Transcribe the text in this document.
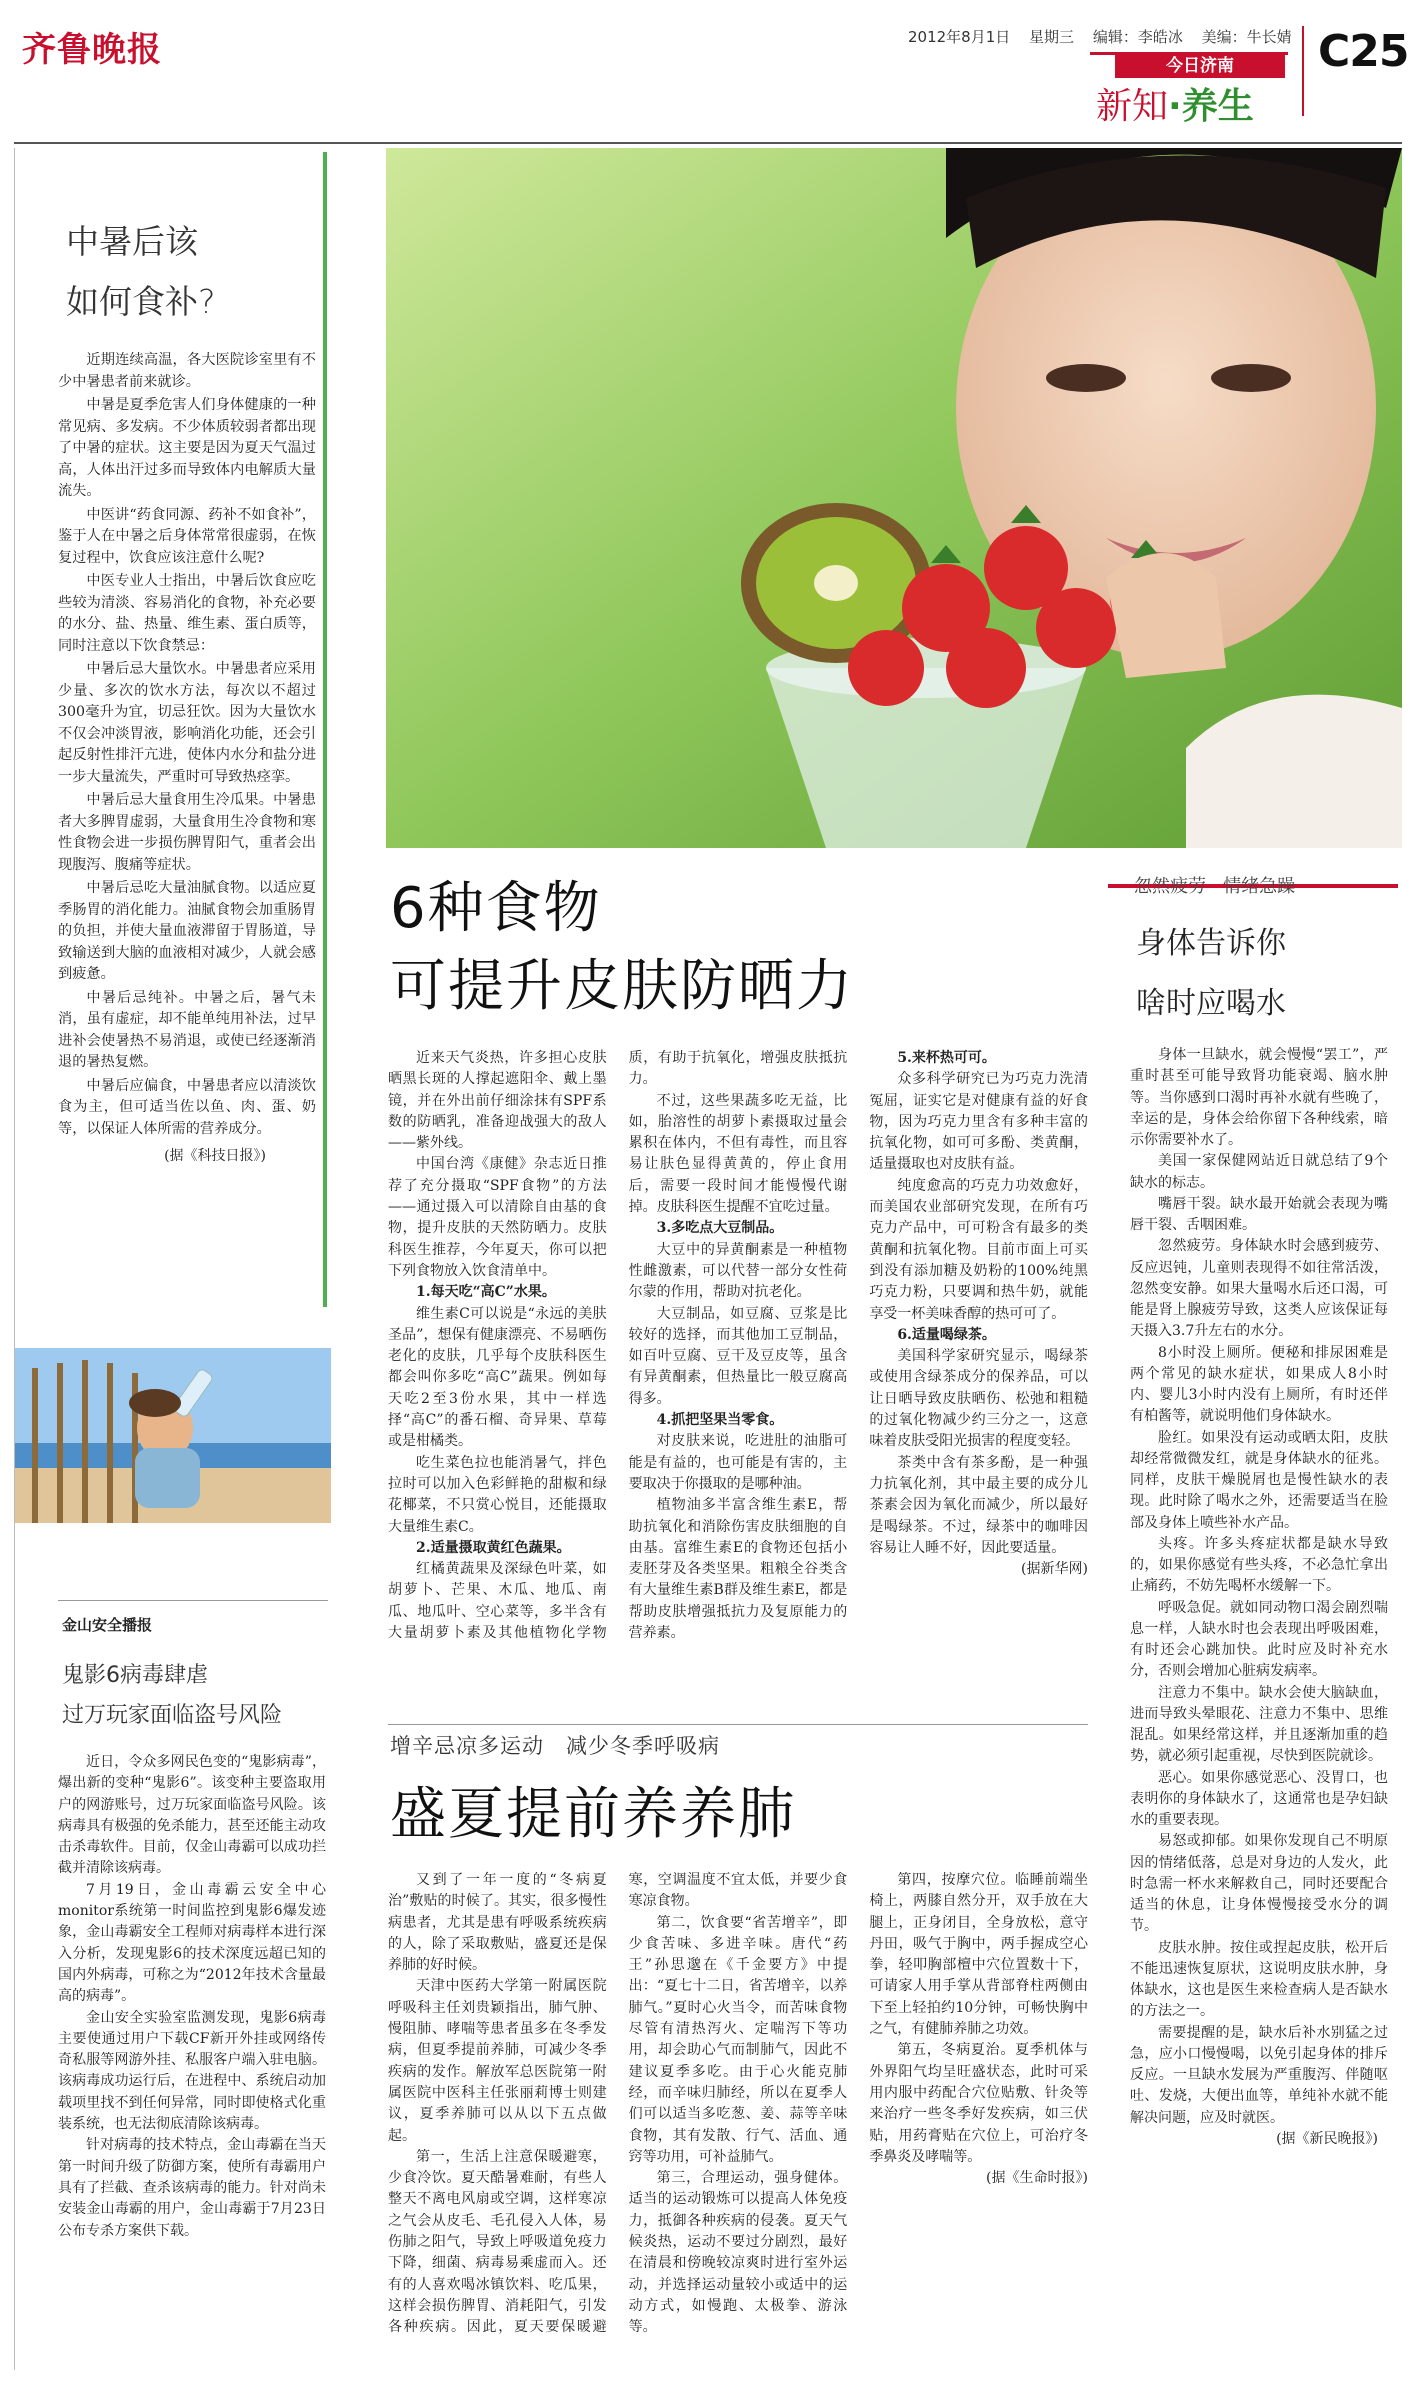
齐鲁晚报	2012年8月1日 星期三 编辑：李皓冰 美编：牛长婧
今日济南
新知·养生
C25
中暑后该
如何食补?

近期连续高温，各大医院诊室里有不少中暑患者前来就诊。

中暑是夏季危害人们身体健康的一种常见病、多发病。不少体质较弱者都出现了中暑的症状。这主要是因为夏天气温过高，人体出汗过多而导致体内电解质大量流失。

中医讲“药食同源、药补不如食补”，鉴于人在中暑之后身体常常很虚弱，在恢复过程中，饮食应该注意什么呢?

中医专业人士指出，中暑后饮食应吃些较为清淡、容易消化的食物，补充必要的水分、盐、热量、维生素、蛋白质等，同时注意以下饮食禁忌：

中暑后忌大量饮水。中暑患者应采用少量、多次的饮水方法，每次以不超过300毫升为宜，切忌狂饮。因为大量饮水不仅会冲淡胃液，影响消化功能，还会引起反射性排汗亢进，使体内水分和盐分进一步大量流失，严重时可导致热痉挛。

中暑后忌大量食用生冷瓜果。中暑患者大多脾胃虚弱，大量食用生冷食物和寒性食物会进一步损伤脾胃阳气，重者会出现腹泻、腹痛等症状。

中暑后忌吃大量油腻食物。以适应夏季肠胃的消化能力。油腻食物会加重肠胃的负担，并使大量血液滞留于胃肠道，导致输送到大脑的血液相对减少，人就会感到疲惫。

中暑后忌纯补。中暑之后，暑气未消，虽有虚症，却不能单纯用补法，过早进补会使暑热不易消退，或使已经逐渐消退的暑热复燃。

中暑后应偏食，中暑患者应以清淡饮食为主，但可适当佐以鱼、肉、蛋、奶等，以保证人体所需的营养成分。

(据《科技日报》)

金山安全播报
鬼影6病毒肆虐
过万玩家面临盗号风险

近日，令众多网民色变的“鬼影病毒”，爆出新的变种“鬼影6”。该变种主要盗取用户的网游账号，过万玩家面临盗号风险。该病毒具有极强的免杀能力，甚至还能主动攻击杀毒软件。目前，仅金山毒霸可以成功拦截并清除该病毒。

7月19日，金山毒霸云安全中心monitor系统第一时间监控到鬼影6爆发迹象，金山毒霸安全工程师对病毒样本进行深入分析，发现鬼影6的技术深度远超已知的国内外病毒，可称之为“2012年技术含量最高的病毒”。

金山安全实验室监测发现，鬼影6病毒主要使通过用户下载CF新开外挂或网络传奇私服等网游外挂、私服客户端入驻电脑。该病毒成功运行后，在进程中、系统启动加载项里找不到任何异常，同时即使格式化重装系统，也无法彻底清除该病毒。

针对病毒的技术特点，金山毒霸在当天第一时间升级了防御方案，使所有毒霸用户具有了拦截、查杀该病毒的能力。针对尚未安装金山毒霸的用户，金山毒霸于7月23日公布专杀方案供下载。

6种食物
可提升皮肤防晒力

近来天气炎热，许多担心皮肤晒黑长斑的人撑起遮阳伞、戴上墨镜，并在外出前仔细涂抹有SPF系数的防晒乳，准备迎战强大的敌人——紫外线。

中国台湾《康健》杂志近日推荐了充分摄取“SPF食物”的方法——通过摄入可以清除自由基的食物，提升皮肤的天然防晒力。皮肤科医生推荐，今年夏天，你可以把下列食物放入饮食清单中。

1.每天吃“高C”水果。

维生素C可以说是“永远的美肤圣品”，想保有健康漂亮、不易晒伤老化的皮肤，几乎每个皮肤科医生都会叫你多吃“高C”蔬果。例如每天吃2至3份水果，其中一样选择“高C”的番石榴、奇异果、草莓或是柑橘类。

吃生菜色拉也能消暑气，拌色拉时可以加入色彩鲜艳的甜椒和绿花椰菜，不只赏心悦目，还能摄取大量维生素C。

2.适量摄取黄红色蔬果。

红橘黄蔬果及深绿色叶菜，如胡萝卜、芒果、木瓜、地瓜、南瓜、地瓜叶、空心菜等，多半含有大量胡萝卜素及其他植物化学物质，有助于抗氧化，增强皮肤抵抗力。

不过，这些果蔬多吃无益，比如，胎溶性的胡萝卜素摄取过量会累积在体内，不但有毒性，而且容易让肤色显得黄黄的，停止食用后，需要一段时间才能慢慢代谢掉。皮肤科医生提醒不宜吃过量。

3.多吃点大豆制品。

大豆中的异黄酮素是一种植物性雌激素，可以代替一部分女性荷尔蒙的作用，帮助对抗老化。

大豆制品，如豆腐、豆浆是比较好的选择，而其他加工豆制品，如百叶豆腐、豆干及豆皮等，虽含有异黄酮素，但热量比一般豆腐高得多。

4.抓把坚果当零食。

对皮肤来说，吃进肚的油脂可能是有益的，也可能是有害的，主要取决于你摄取的是哪种油。

植物油多半富含维生素E，帮助抗氧化和消除伤害皮肤细胞的自由基。富维生素E的食物还包括小麦胚芽及各类坚果。粗粮全谷类含有大量维生素B群及维生素E，都是帮助皮肤增强抵抗力及复原能力的营养素。

5.来杯热可可。

众多科学研究已为巧克力洗清冤屈，证实它是对健康有益的好食物，因为巧克力里含有多种丰富的抗氧化物，如可可多酚、类黄酮，适量摄取也对皮肤有益。

纯度愈高的巧克力功效愈好，而美国农业部研究发现，在所有巧克力产品中，可可粉含有最多的类黄酮和抗氧化物。目前市面上可买到没有添加糖及奶粉的100%纯黑巧克力粉，只要调和热牛奶，就能享受一杯美味香醇的热可可了。

6.适量喝绿茶。

美国科学家研究显示，喝绿茶或使用含绿茶成分的保养品，可以让日晒导致皮肤晒伤、松弛和粗糙的过氧化物减少约三分之一，这意味着皮肤受阳光损害的程度变轻。

茶类中含有茶多酚，是一种强力抗氧化剂，其中最主要的成分儿茶素会因为氧化而减少，所以最好是喝绿茶。不过，绿茶中的咖啡因容易让人睡不好，因此要适量。

(据新华网)

增辛忌凉多运动　减少冬季呼吸病
盛夏提前养养肺

又到了一年一度的“冬病夏治”敷贴的时候了。其实，很多慢性病患者，尤其是患有呼吸系统疾病的人，除了采取敷贴，盛夏还是保养肺的好时候。

天津中医药大学第一附属医院呼吸科主任刘贵颖指出，肺气肿、慢阻肺、哮喘等患者虽多在冬季发病，但夏季提前养肺，可减少冬季疾病的发作。解放军总医院第一附属医院中医科主任张丽莉博士则建议，夏季养肺可以从以下五点做起。

第一，生活上注意保暖避寒，少食冷饮。夏天酷暑难耐，有些人整天不离电风扇或空调，这样寒凉之气会从皮毛、毛孔侵入人体，易伤肺之阳气，导致上呼吸道免疫力下降，细菌、病毒易乘虚而入。还有的人喜欢喝冰镇饮料、吃瓜果，这样会损伤脾胃、消耗阳气，引发各种疾病。因此，夏天要保暖避寒，空调温度不宜太低，并要少食寒凉食物。

第二，饮食要“省苦增辛”，即少食苦味、多进辛味。唐代“药王”孙思邈在《千金要方》中提出：“夏七十二日，省苦增辛，以养肺气。”夏时心火当令，而苦味食物尽管有清热泻火、定喘泻下等功用，却会助心气而制肺气，因此不建议夏季多吃。由于心火能克肺经，而辛味归肺经，所以在夏季人们可以适当多吃葱、姜、蒜等辛味食物，其有发散、行气、活血、通窍等功用，可补益肺气。

第三，合理运动，强身健体。适当的运动锻炼可以提高人体免疫力，抵御各种疾病的侵袭。夏天气候炎热，运动不要过分剧烈，最好在清晨和傍晚较凉爽时进行室外运动，并选择运动量较小或适中的运动方式，如慢跑、太极拳、游泳等。

第四，按摩穴位。临睡前端坐椅上，两膝自然分开，双手放在大腿上，正身闭目，全身放松，意守丹田，吸气于胸中，两手握成空心拳，轻叩胸部檀中穴位置数十下，可请家人用手掌从背部脊柱两侧由下至上轻拍约10分钟，可畅快胸中之气，有健肺养肺之功效。

第五，冬病夏治。夏季机体与外界阳气均呈旺盛状态，此时可采用内服中药配合穴位贴敷、针灸等来治疗一些冬季好发疾病，如三伏贴，用药膏贴在穴位上，可治疗冬季鼻炎及哮喘等。

(据《生命时报》)

忽然疲劳 情绪急躁
身体告诉你
啥时应喝水

身体一旦缺水，就会慢慢“罢工”，严重时甚至可能导致肾功能衰竭、脑水肿等。当你感到口渴时再补水就有些晚了，幸运的是，身体会给你留下各种线索，暗示你需要补水了。

美国一家保健网站近日就总结了9个缺水的标志。

嘴唇干裂。缺水最开始就会表现为嘴唇干裂、舌咽困难。

忽然疲劳。身体缺水时会感到疲劳、反应迟钝，儿童则表现得不如往常活泼，忽然变安静。如果大量喝水后还口渴，可能是肾上腺疲劳导致，这类人应该保证每天摄入3.7升左右的水分。

8小时没上厕所。便秘和排尿困难是两个常见的缺水症状，如果成人8小时内、婴儿3小时内没有上厕所，有时还伴有柏酱等，就说明他们身体缺水。

脸红。如果没有运动或晒太阳，皮肤却经常微微发红，就是身体缺水的征兆。同样，皮肤干燥脱屑也是慢性缺水的表现。此时除了喝水之外，还需要适当在脸部及身体上喷些补水产品。

头疼。许多头疼症状都是缺水导致的，如果你感觉有些头疼，不必急忙拿出止痛药，不妨先喝杯水缓解一下。

呼吸急促。就如同动物口渴会剧烈喘息一样，人缺水时也会表现出呼吸困难，有时还会心跳加快。此时应及时补充水分，否则会增加心脏病发病率。

注意力不集中。缺水会使大脑缺血，进而导致头晕眼花、注意力不集中、思维混乱。如果经常这样，并且逐渐加重的趋势，就必须引起重视，尽快到医院就诊。

恶心。如果你感觉恶心、没胃口，也表明你的身体缺水了，这通常也是孕妇缺水的重要表现。

易怒或抑郁。如果你发现自己不明原因的情绪低落，总是对身边的人发火，此时急需一杯水来解救自己，同时还要配合适当的休息，让身体慢慢接受水分的调节。

皮肤水肿。按住或捏起皮肤，松开后不能迅速恢复原状，这说明皮肤水肿，身体缺水，这也是医生来检查病人是否缺水的方法之一。

需要提醒的是，缺水后补水别猛之过急，应小口慢慢喝，以免引起身体的排斥反应。一旦缺水发展为严重腹泻、伴随呕吐、发烧，大便出血等，单纯补水就不能解决问题，应及时就医。

(据《新民晚报》)
